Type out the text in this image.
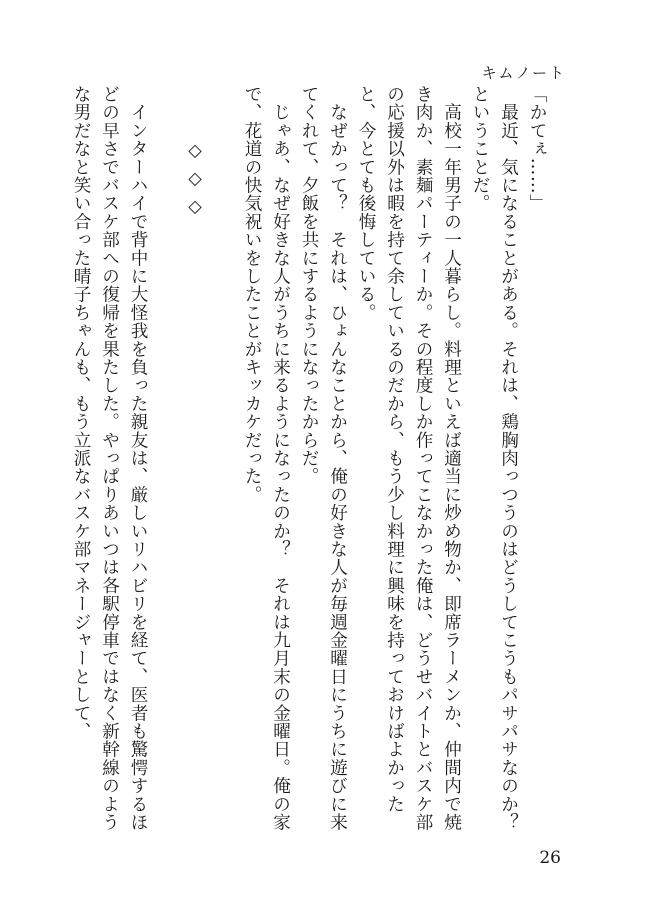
キムノート

「かてぇ……」

　最近、気になることがある。それは、鶏胸肉っつうのはどうしてこうもパサパサなのか？　ということだ。

　高校一年男子の一人暮らし。料理といえば適当に炒め物か、即席ラーメンか、仲間内で焼き肉か、素麺パーティーか。その程度しか作ってこなかった俺は、どうせバイトとバスケ部の応援以外は暇を持て余しているのだから、もう少し料理に興味を持っておけばよかったと、今とても後悔している。

　なぜかって？　それは、ひょんなことから、俺の好きな人が毎週金曜日にうちに遊びに来てくれて、夕飯を共にするようになったからだ。

　じゃあ、なぜ好きな人がうちに来るようになったのか？　それは九月末の金曜日。俺の家で、花道の快気祝いをしたことがキッカケだった。

◇◇◇

　インターハイで背中に大怪我を負った親友は、厳しいリハビリを経て、医者も驚愕するほどの早さでバスケ部への復帰を果たした。やっぱりあいつは各駅停車ではなく新幹線のような男だなと笑い合った晴子ちゃんも、もう立派なバスケ部マネージャーとして、

26
